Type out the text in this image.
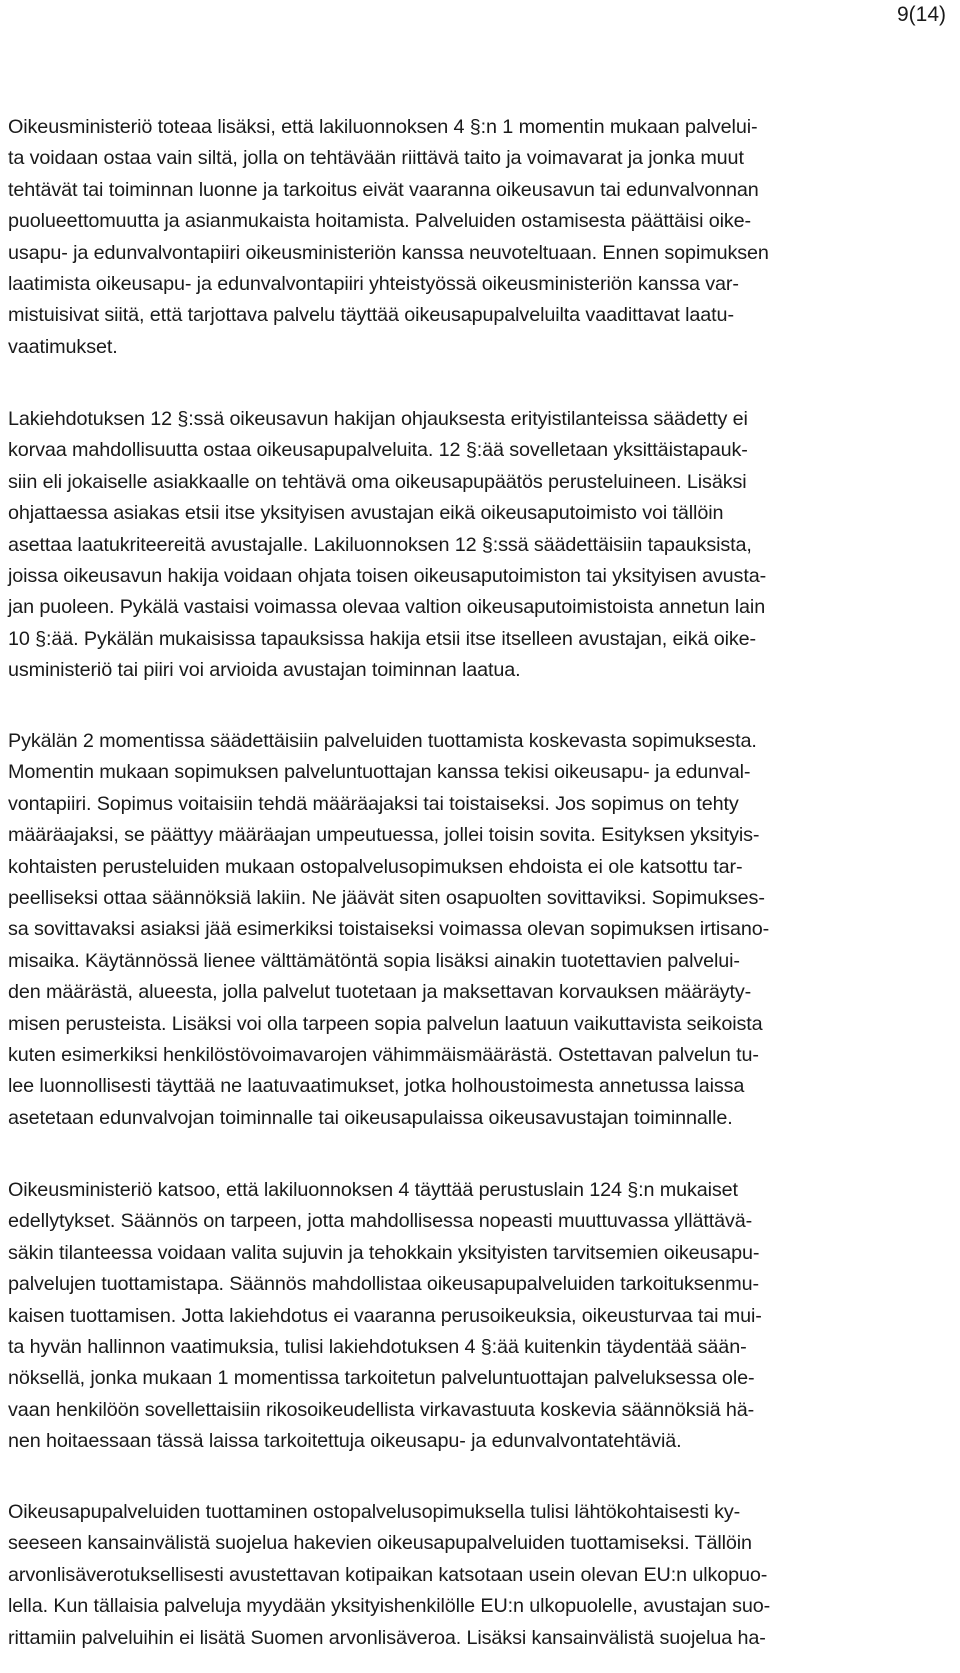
9(14)
Oikeusministeriö toteaa lisäksi, että lakiluonnoksen 4 §:n 1 momentin mukaan palvelui-
ta voidaan ostaa vain siltä, jolla on tehtävään riittävä taito ja voimavarat ja jonka muut
tehtävät tai toiminnan luonne ja tarkoitus eivät vaaranna oikeusavun tai edunvalvonnan
puolueettomuutta ja asianmukaista hoitamista. Palveluiden ostamisesta päättäisi oike-
usapu- ja edunvalvontapiiri oikeusministeriön kanssa neuvoteltuaan. Ennen sopimuksen
laatimista oikeusapu- ja edunvalvontapiiri yhteistyössä oikeusministeriön kanssa var-
mistuisivat siitä, että tarjottava palvelu täyttää oikeusapupalveluilta vaadittavat laatu-
vaatimukset.
Lakiehdotuksen 12 §:ssä oikeusavun hakijan ohjauksesta erityistilanteissa säädetty ei
korvaa mahdollisuutta ostaa oikeusapupalveluita. 12 §:ää sovelletaan yksittäistapauk-
siin eli jokaiselle asiakkaalle on tehtävä oma oikeusapupäätös perusteluineen. Lisäksi
ohjattaessa asiakas etsii itse yksityisen avustajan eikä oikeusaputoimisto voi tällöin
asettaa laatukriteereitä avustajalle. Lakiluonnoksen 12 §:ssä säädettäisiin tapauksista,
joissa oikeusavun hakija voidaan ohjata toisen oikeusaputoimiston tai yksityisen avusta-
jan puoleen. Pykälä vastaisi voimassa olevaa valtion oikeusaputoimistoista annetun lain
10 §:ää. Pykälän mukaisissa tapauksissa hakija etsii itse itselleen avustajan, eikä oike-
usministeriö tai piiri voi arvioida avustajan toiminnan laatua.
Pykälän 2 momentissa säädettäisiin palveluiden tuottamista koskevasta sopimuksesta.
Momentin mukaan sopimuksen palveluntuottajan kanssa tekisi oikeusapu- ja edunval-
vontapiiri. Sopimus voitaisiin tehdä määräajaksi tai toistaiseksi. Jos sopimus on tehty
määräajaksi, se päättyy määräajan umpeutuessa, jollei toisin sovita. Esityksen yksityis-
kohtaisten perusteluiden mukaan ostopalvelusopimuksen ehdoista ei ole katsottu tar-
peelliseksi ottaa säännöksiä lakiin. Ne jäävät siten osapuolten sovittaviksi. Sopimukses-
sa sovittavaksi asiaksi jää esimerkiksi toistaiseksi voimassa olevan sopimuksen irtisano-
misaika. Käytännössä lienee välttämätöntä sopia lisäksi ainakin tuotettavien palvelui-
den määrästä, alueesta, jolla palvelut tuotetaan ja maksettavan korvauksen määräyty-
misen perusteista. Lisäksi voi olla tarpeen sopia palvelun laatuun vaikuttavista seikoista
kuten esimerkiksi henkilöstövoimavarojen vähimmäismäärästä. Ostettavan palvelun tu-
lee luonnollisesti täyttää ne laatuvaatimukset, jotka holhoustoimesta annetussa laissa
asetetaan edunvalvojan toiminnalle tai oikeusapulaissa oikeusavustajan toiminnalle.
Oikeusministeriö katsoo, että lakiluonnoksen 4 täyttää perustuslain 124 §:n mukaiset
edellytykset. Säännös on tarpeen, jotta mahdollisessa nopeasti muuttuvassa yllättävä-
säkin tilanteessa voidaan valita sujuvin ja tehokkain yksityisten tarvitsemien oikeusapu-
palvelujen tuottamistapa. Säännös mahdollistaa oikeusapupalveluiden tarkoituksenmu-
kaisen tuottamisen. Jotta lakiehdotus ei vaaranna perusoikeuksia, oikeusturvaa tai mui-
ta hyvän hallinnon vaatimuksia, tulisi lakiehdotuksen 4 §:ää kuitenkin täydentää sään-
nöksellä, jonka mukaan 1 momentissa tarkoitetun palveluntuottajan palveluksessa ole-
vaan henkilöön sovellettaisiin rikosoikeudellista virkavastuuta koskevia säännöksiä hä-
nen hoitaessaan tässä laissa tarkoitettuja oikeusapu- ja edunvalvontatehtäviä.
Oikeusapupalveluiden tuottaminen ostopalvelusopimuksella tulisi lähtökohtaisesti ky-
seeseen kansainvälistä suojelua hakevien oikeusapupalveluiden tuottamiseksi. Tällöin
arvonlisäverotuksellisesti avustettavan kotipaikan katsotaan usein olevan EU:n ulkopuo-
lella. Kun tällaisia palveluja myydään yksityishenkilölle EU:n ulkopuolelle, avustajan suo-
rittamiin palveluihin ei lisätä Suomen arvonlisäveroa. Lisäksi kansainvälistä suojelua ha-
